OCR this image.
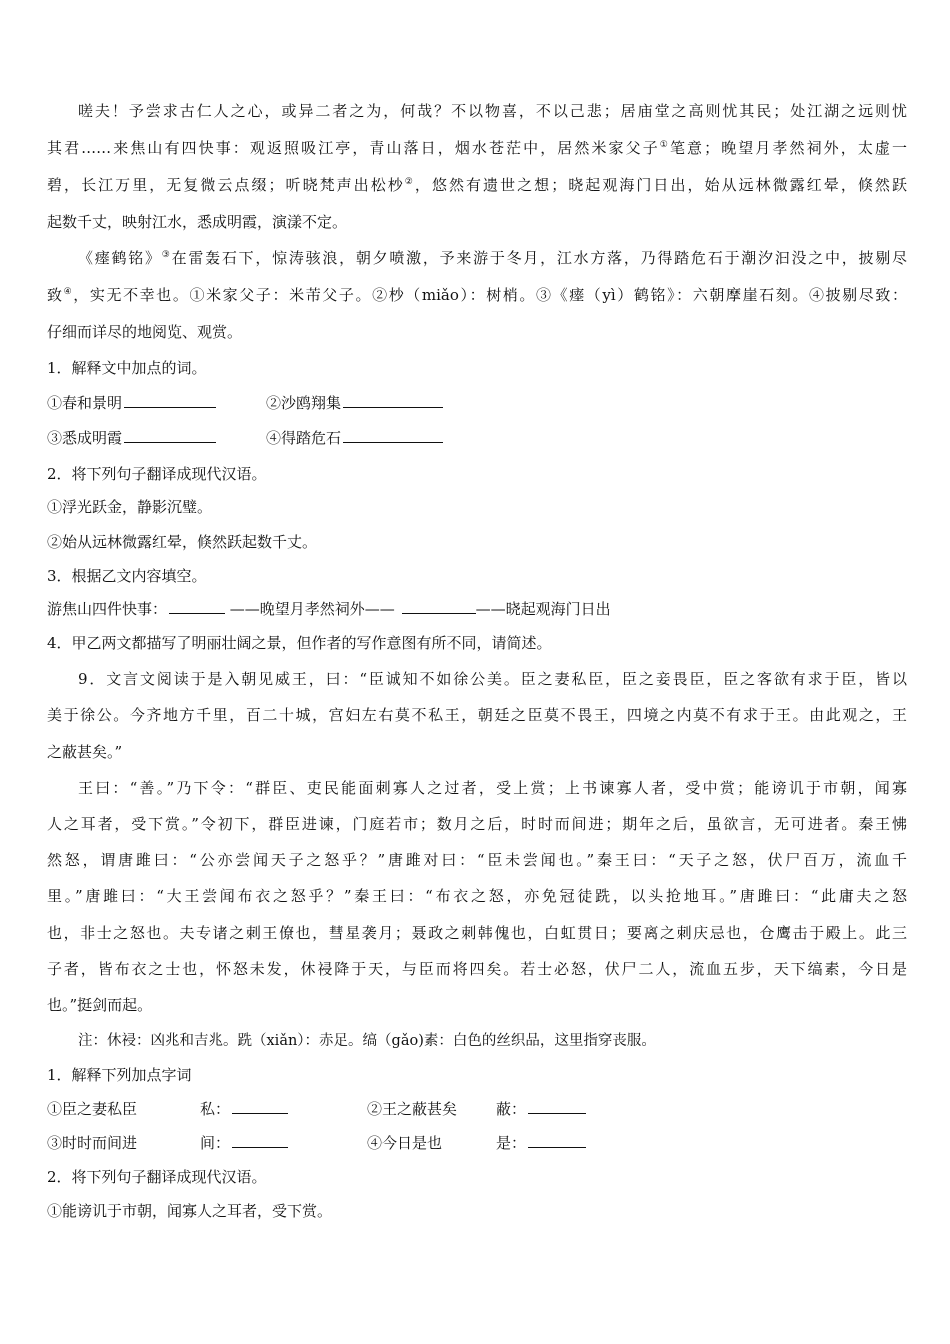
嗟夫！予尝求古仁人之心，或异二者之为，何哉？不以物喜，不以己悲；居庙堂之高则忧其民；处江湖之远则忧
其君……来焦山有四快事：观返照吸江亭，青山落日，烟水苍茫中，居然米家父子①笔意；晚望月孝然祠外，太虚一
碧，长江万里，无复微云点缀；听晓梵声出松杪②，悠然有遗世之想；晓起观海门日出，始从远林微露红晕，倏然跃
起数千丈，映射江水，悉成明霞，演漾不定。
《瘗鹤铭》③在雷轰石下，惊涛骇浪，朝夕喷激，予来游于冬月，江水方落，乃得踏危石于潮汐汩没之中，披剔尽
致④，实无不幸也。①米家父子：米芾父子。②杪（miǎo）：树梢。③《瘗（yì）鹤铭》：六朝摩崖石刻。④披剔尽致：
仔细而详尽的地阅览、观赏。
1．解释文中加点的词。
①春和景明	②沙鸥翔集
③悉成明霞	④得踏危石
2．将下列句子翻译成现代汉语。
①浮光跃金，静影沉璧。
②始从远林微露红晕，倏然跃起数千丈。
3．根据乙文内容填空。
游焦山四件快事：	——晚望月孝然祠外——	——晓起观海门日出
4．甲乙两文都描写了明丽壮阔之景，但作者的写作意图有所不同，请简述。
9．文言文阅读于是入朝见威王，曰：“臣诚知不如徐公美。臣之妻私臣，臣之妾畏臣，臣之客欲有求于臣，皆以
美于徐公。今齐地方千里，百二十城，宫妇左右莫不私王，朝廷之臣莫不畏王，四境之内莫不有求于王。由此观之，王
之蔽甚矣。”
王曰：“善。”乃下令：“群臣、吏民能面刺寡人之过者，受上赏；上书谏寡人者，受中赏；能谤讥于市朝，闻寡
人之耳者，受下赏。”令初下，群臣进谏，门庭若市；数月之后，时时而间进；期年之后，虽欲言，无可进者。秦王怫
然怒，谓唐雎曰：“公亦尝闻天子之怒乎？”唐雎对曰：“臣未尝闻也。”秦王曰：“天子之怒，伏尸百万，流血千
里。”唐雎曰：“大王尝闻布衣之怒乎？”秦王曰：“布衣之怒，亦免冠徒跣，以头抢地耳。”唐雎曰：“此庸夫之怒
也，非士之怒也。夫专诸之刺王僚也，彗星袭月；聂政之刺韩傀也，白虹贯日；要离之刺庆忌也，仓鹰击于殿上。此三
子者，皆布衣之士也，怀怒未发，休祲降于天，与臣而将四矣。若士必怒，伏尸二人，流血五步，天下缟素，今日是
也。”挺剑而起。
注：休祲：凶兆和吉兆。跣（xiǎn）：赤足。缟（gǎo)素：白色的丝织品，这里指穿丧服。
1．解释下列加点字词
①臣之妻私臣	私：	②王之蔽甚矣	蔽：
③时时而间进	间：	④今日是也	是：
2．将下列句子翻译成现代汉语。
①能谤讥于市朝，闻寡人之耳者，受下赏。
